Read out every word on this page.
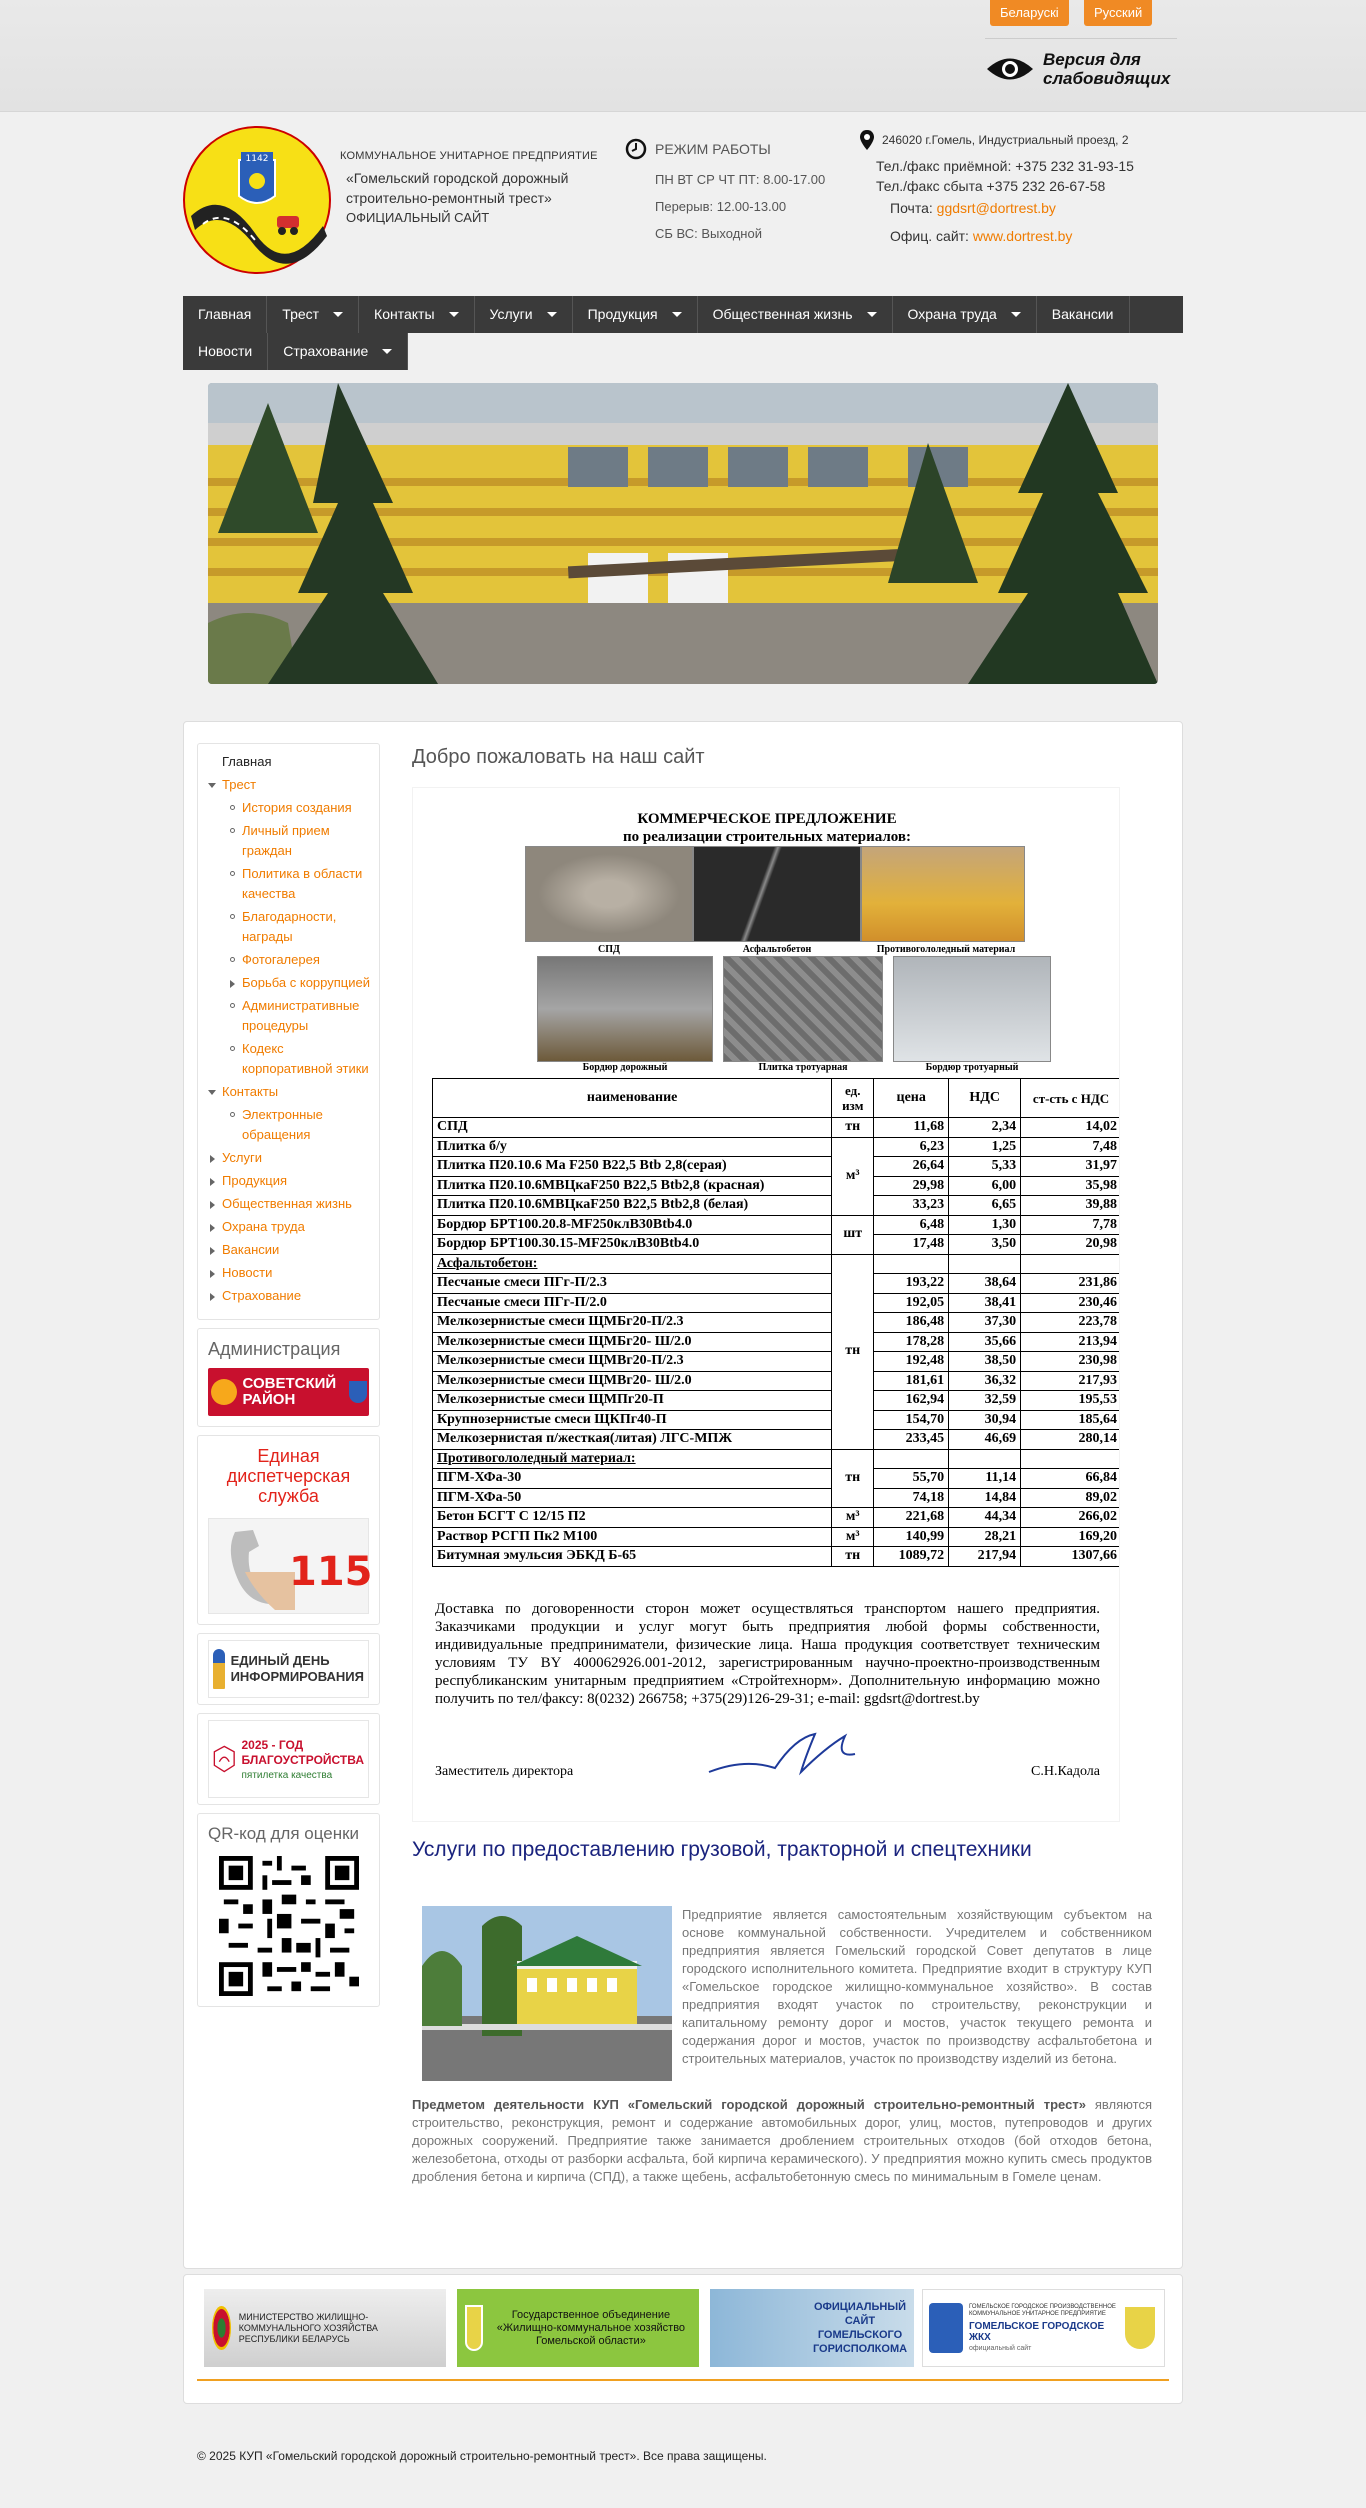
Беларускі	Русский
Версия для слабовидящих
1142	КОММУНАЛЬНОЕ УНИТАРНОЕ ПРЕДПРИЯТИЕ
«Гомельский городской дорожный строительно-ремонтный трест»
ОФИЦИАЛЬНЫЙ САЙТ
РЕЖИМ РАБОТЫ
ПН ВТ СР ЧТ ПТ: 8.00-17.00
Перерыв: 12.00-13.00
СБ ВС: Выходной
246020 г.Гомель, Индустриальный проезд, 2
Тел./факс приёмной: +375 232 31-93-15
Тел./факс сбыта +375 232 26-67-58
Почта: ggdsrt@dortrest.by
Офиц. сайт: www.dortrest.by
Главная Трест	Контакты	Услуги	Продукция	Общественная жизнь	Охрана труда	Вакансии
Новости Страхование
Главная
Трест
История создания
Личный прием граждан
Политика в области качества
Благодарности, награды
Фотогалерея
Борьба с коррупцией
Административные процедуры
Кодекс корпоративной этики
Контакты
Электронные обращения
Услуги
Продукция
Общественная жизнь
Охрана труда
Вакансии
Новости
Страхование
Администрация
СОВЕТСКИЙ РАЙОН
Единая диспетчерская служба
115
ЕДИНЫЙ ДЕНЬ ИНФОРМИРОВАНИЯ
2025 - ГОД БЛАГОУСТРОЙСТВА
пятилетка качества
QR-код для оценки
Добро пожаловать на наш сайт
КОММЕРЧЕСКОЕ ПРЕДЛОЖЕНИЕ
по реализации строительных материалов:
СПД	Асфальтобетон	Противогололедный материал
Бордюр дорожный	Плитка тротуарная	Бордюр тротуарный
наименование	ед. изм	цена	НДС	ст-сть с НДС
СПД	тн	11,68	2,34	14,02
Плитка б/у	м³	6,23	1,25	7,48
Плитка П20.10.6 Ма F250 B22,5 Btb 2,8(серая)		26,64	5,33	31,97
Плитка П20.10.6МВЦкаF250 B22,5 Btb2,8 (красная)		29,98	6,00	35,98
Плитка П20.10.6МВЦкаF250 B22,5 Btb2,8 (белая)		33,23	6,65	39,88
Бордюр БРТ100.20.8-МF250клB30Btb4.0	шт	6,48	1,30	7,78
Бордюр БРТ100.30.15-МF250клB30Btb4.0		17,48	3,50	20,98
Асфальтобетон:	тн			
Песчаные смеси ПГг-П/2.3		193,22	38,64	231,86
Песчаные смеси ПГг-П/2.0		192,05	38,41	230,46
Мелкозернистые смеси ЩМБг20-П/2.3		186,48	37,30	223,78
Мелкозернистые смеси ЩМБг20- Ш/2.0		178,28	35,66	213,94
Мелкозернистые смеси ЩМВг20-П/2.3		192,48	38,50	230,98
Мелкозернистые смеси ЩМВг20- Ш/2.0		181,61	36,32	217,93
Мелкозернистые смеси ЩМПг20-П		162,94	32,59	195,53
Крупнозернистые смеси ЩКПг40-П		154,70	30,94	185,64
Мелкозернистая п/жесткая(литая) ЛГС-МПЖ		233,45	46,69	280,14
Противогололедный материал:	тн			
ПГМ-ХФа-30		55,70	11,14	66,84
ПГМ-ХФа-50		74,18	14,84	89,02
Бетон БСГТ С 12/15 П2	м³	221,68	44,34	266,02
Раствор РСГП Пк2 М100	м³	140,99	28,21	169,20
Битумная эмульсия ЭБКД Б-65	тн	1089,72	217,94	1307,66
Доставка по договоренности сторон может осуществляться транспортом нашего предприятия. Заказчиками продукции и услуг могут быть предприятия любой формы собственности, индивидуальные предприниматели, физические лица. Наша продукция соответствует техническим условиям ТУ BY 400062926.001-2012, зарегистрированным научно-проектно-производственным республиканским унитарным предприятием «Стройтехнорм». Дополнительную информацию можно получить по тел/факсу: 8(0232) 266758; +375(29)126-29-31; e-mail: ggdsrt@dortrest.by
Заместитель директора	С.Н.Кадола
Услуги по предоставлению грузовой, тракторной и спецтехники
Предприятие является самостоятельным хозяйствующим субъектом на основе коммунальной собственности. Учредителем и собственником предприятия является Гомельский городской Совет депутатов в лице городского исполнительного комитета. Предприятие входит в структуру КУП «Гомельское городское жилищно-коммунальное хозяйство». В состав предприятия входят участок по строительству, реконструкции и капитальному ремонту дорог и мостов, участок текущего ремонта и содержания дорог и мостов, участок по производству асфальтобетона и строительных материалов, участок по производству изделий из бетона.
Предметом деятельности КУП «Гомельский городской дорожный строительно-ремонтный трест» являются строительство, реконструкция, ремонт и содержание автомобильных дорог, улиц, мостов, путепроводов и других дорожных сооружений. Предприятие также занимается дроблением строительных отходов (бой отходов бетона, железобетона, отходы от разборки асфальта, бой кирпича керамического). У предприятия можно купить смесь продуктов дробления бетона и кирпича (СПД), а также щебень, асфальтобетонную смесь по минимальным в Гомеле ценам.
МИНИСТЕРСТВО ЖИЛИЩНО-КОММУНАЛЬНОГО ХОЗЯЙСТВА РЕСПУБЛИКИ БЕЛАРУСЬ
Государственное объединение «Жилищно-коммунальное хозяйство Гомельской области»
ОФИЦИАЛЬНЫЙ САЙТ ГОМЕЛЬСКОГО ГОРИСПОЛКОМА
ГОМЕЛЬСКОЕ ГОРОДСКОЕ ПРОИЗВОДСТВЕННОЕ КОММУНАЛЬНОЕ УНИТАРНОЕ ПРЕДПРИЯТИЕ
ГОМЕЛЬСКОЕ ГОРОДСКОЕ ЖКХ
официальный сайт
© 2025 КУП «Гомельский городской дорожный строительно-ремонтный трест». Все права защищены.
